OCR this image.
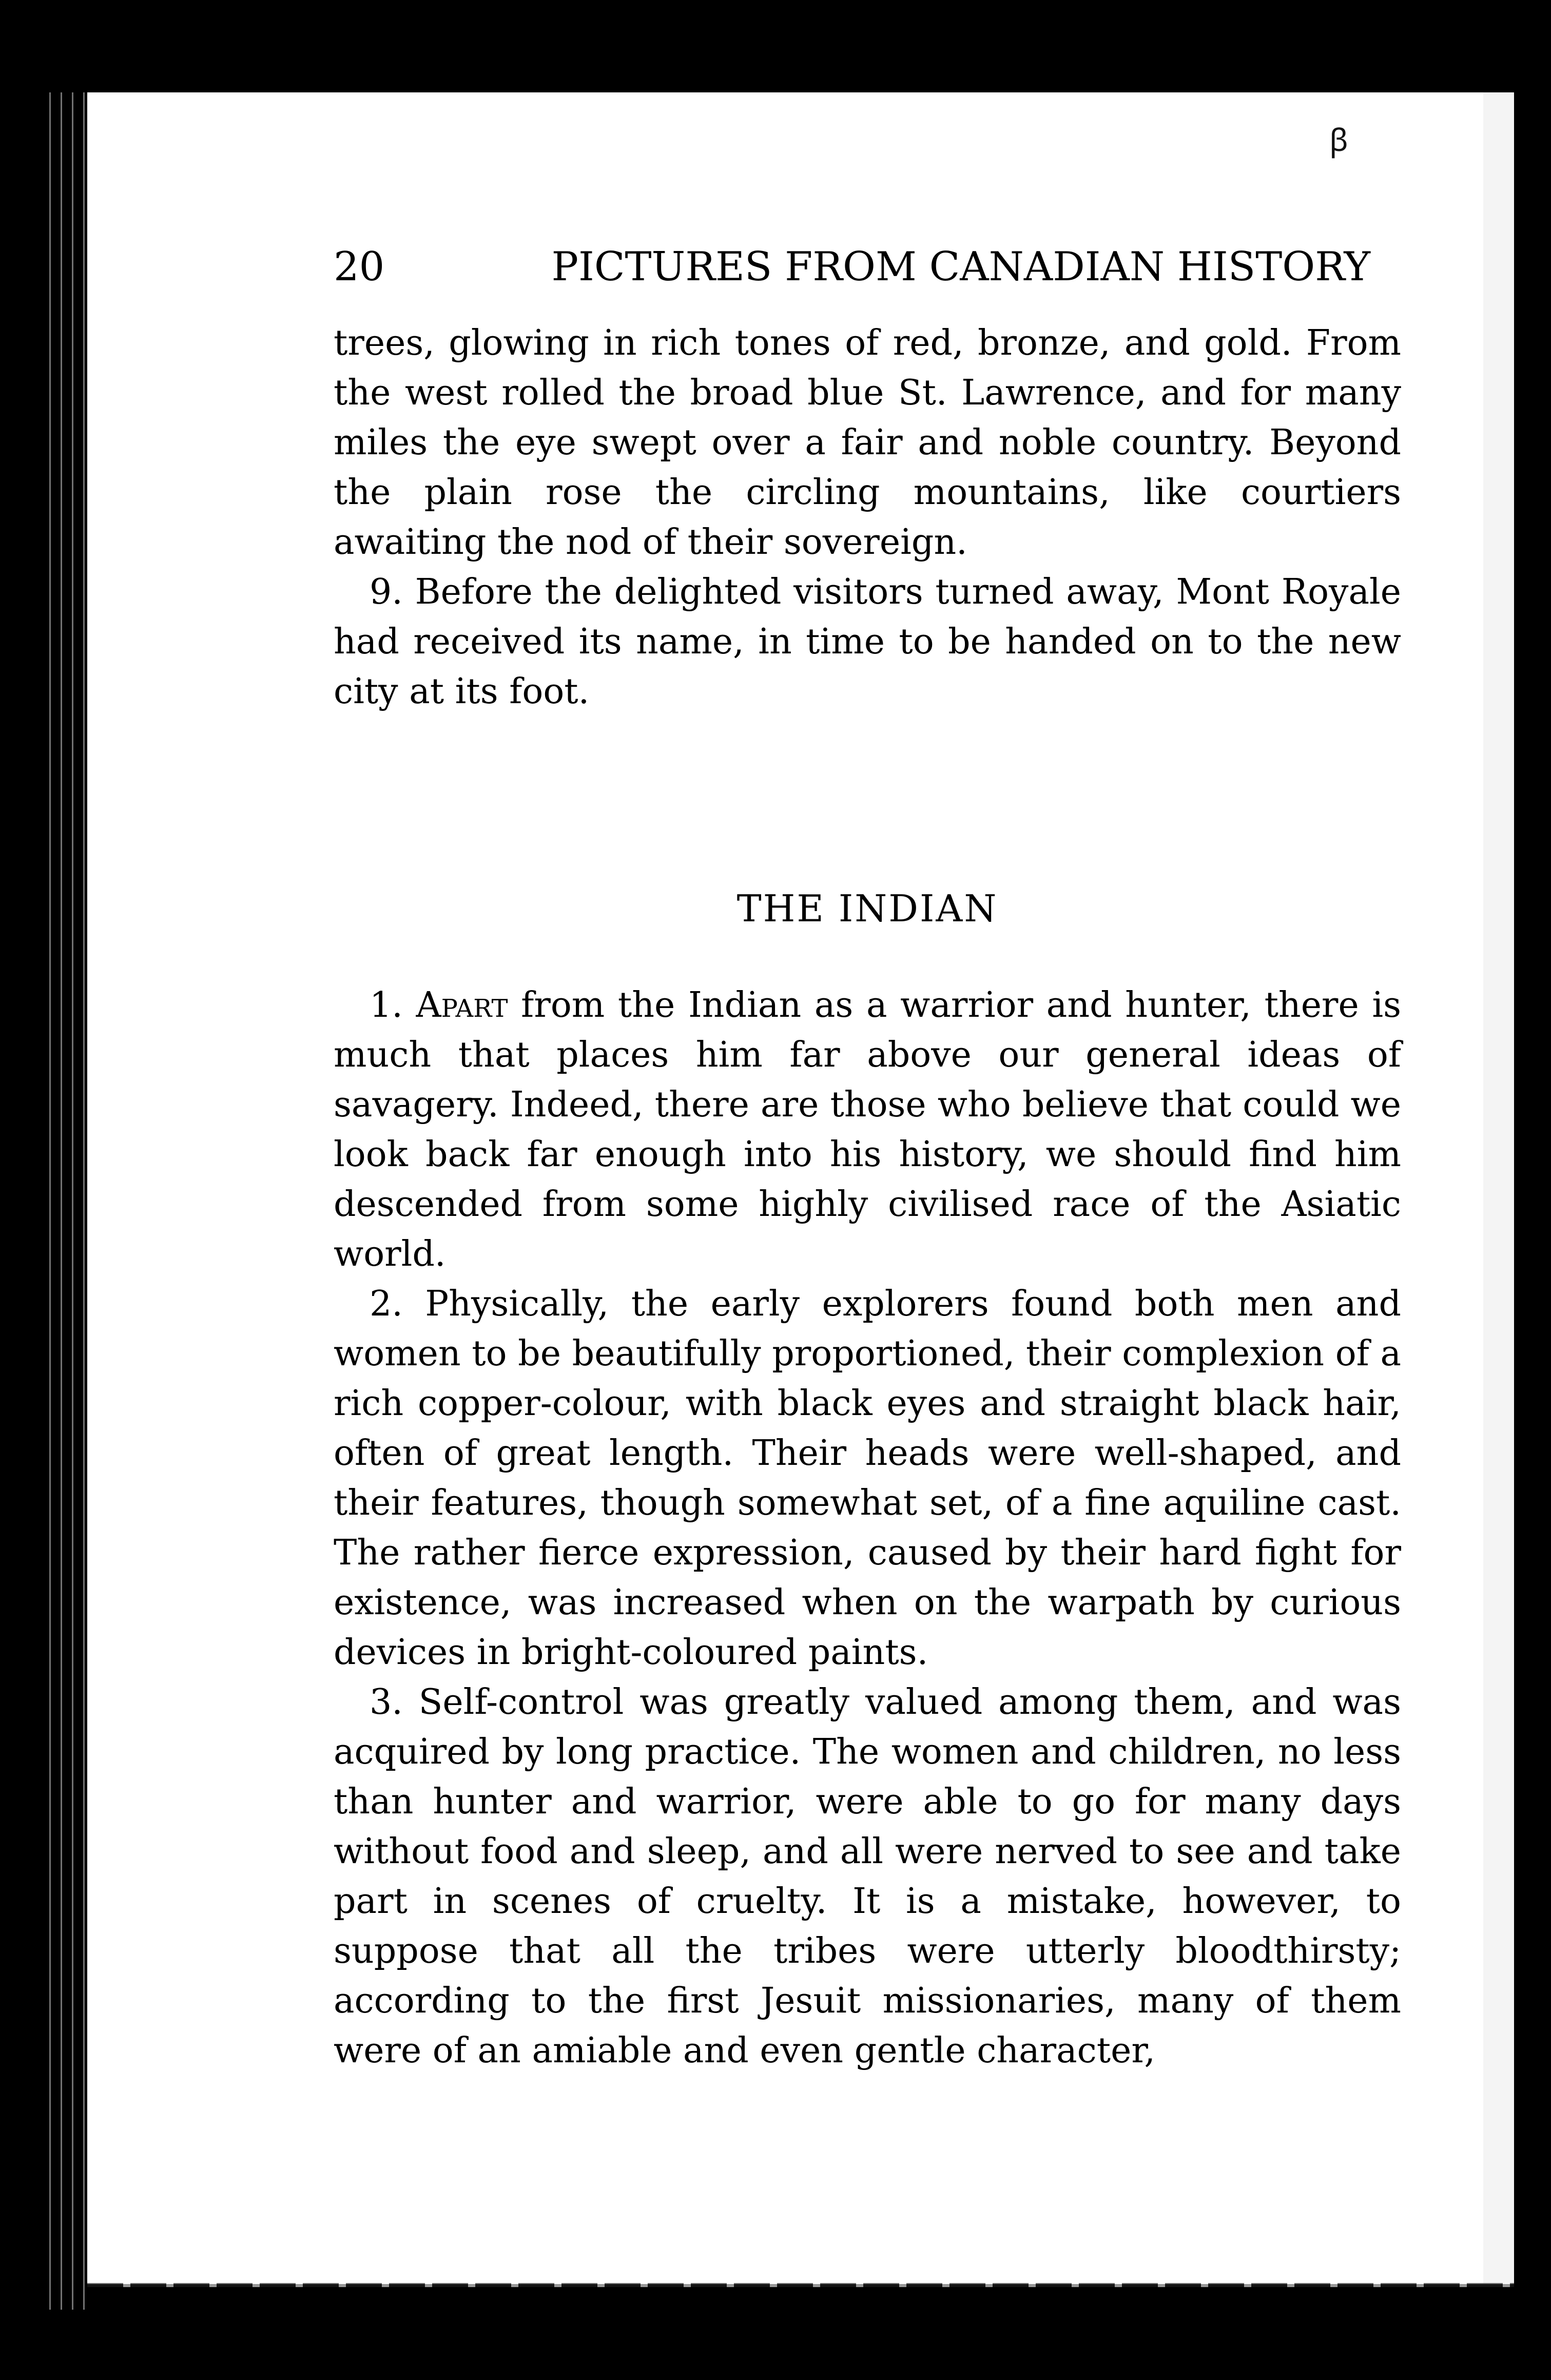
ꞵ
20	PICTURES FROM CANADIAN HISTORY

trees, glowing in rich tones of red, bronze, and gold. From the west rolled the broad blue St. Lawrence, and for many miles the eye swept over a fair and noble country. Beyond the plain rose the circling mountains, like courtiers awaiting the nod of their sovereign.

9. Before the delighted visitors turned away, Mont Royale had received its name, in time to be handed on to the new city at its foot.

THE INDIAN

1. Apart from the Indian as a warrior and hunter, there is much that places him far above our general ideas of savagery. Indeed, there are those who believe that could we look back far enough into his history, we should find him descended from some highly civilised race of the Asiatic world.

2. Physically, the early explorers found both men and women to be beautifully proportioned, their complexion of a rich copper-colour, with black eyes and straight black hair, often of great length. Their heads were well-shaped, and their features, though somewhat set, of a fine aquiline cast. The rather fierce expression, caused by their hard fight for existence, was increased when on the warpath by curious devices in bright-coloured paints.

3. Self-control was greatly valued among them, and was acquired by long practice. The women and children, no less than hunter and warrior, were able to go for many days without food and sleep, and all were nerved to see and take part in scenes of cruelty. It is a mistake, however, to suppose that all the tribes were utterly bloodthirsty; according to the first Jesuit missionaries, many of them were of an amiable and even gentle character,
